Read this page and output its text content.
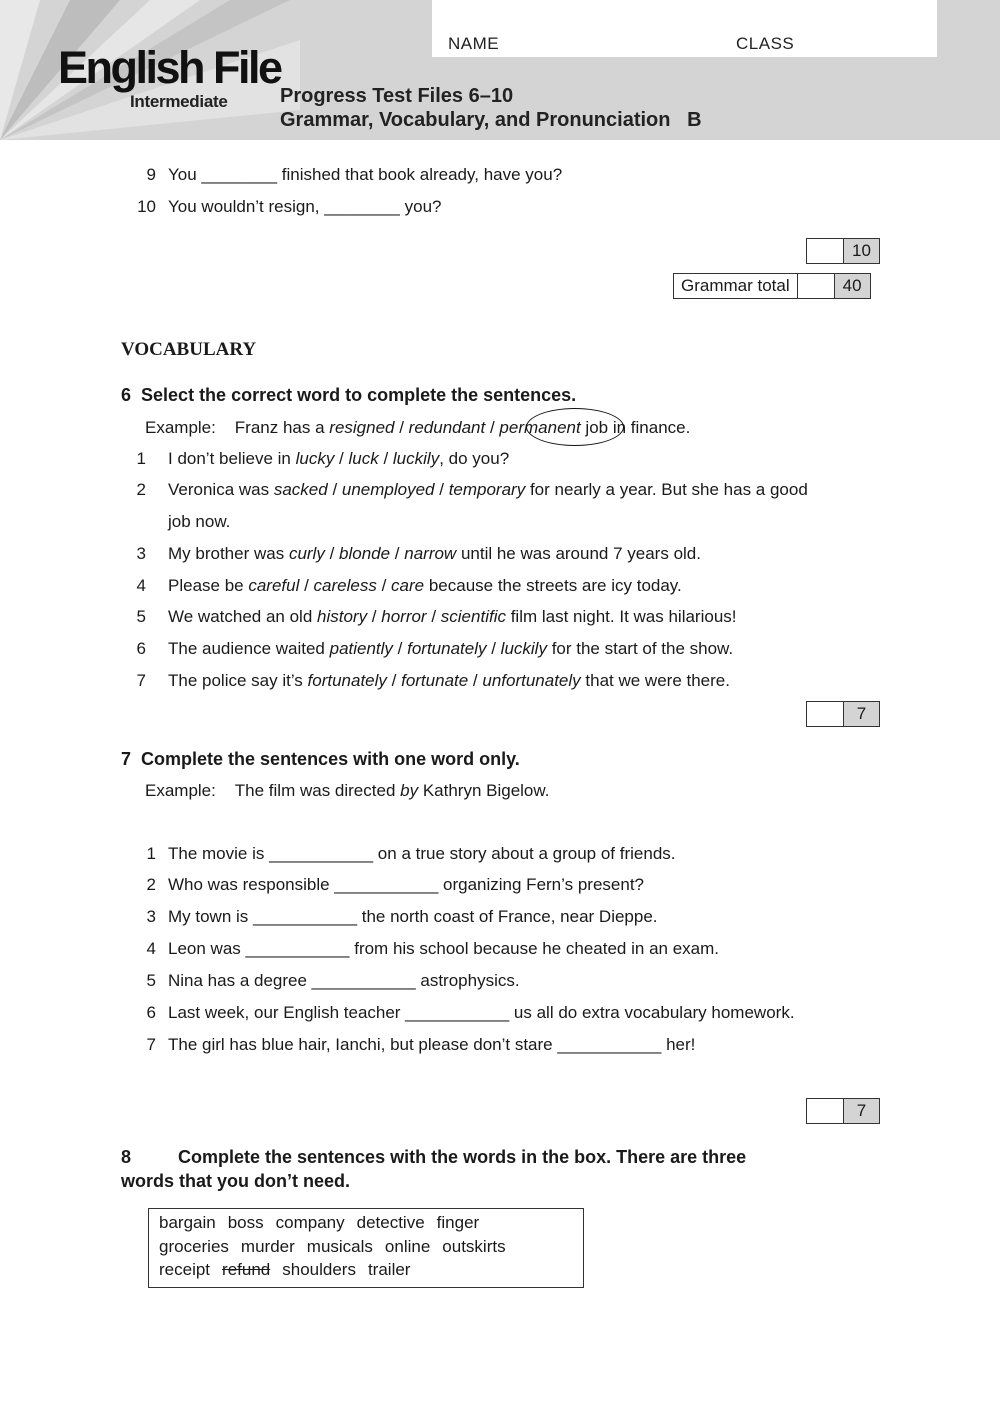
English File
Intermediate
NAME	CLASS
Progress Test Files 6–10
Grammar, Vocabulary, and Pronunciation   B
9 You ________ finished that book already, have you?
10 You wouldn’t resign, ________ you?
10
Grammar total	40
VOCABULARY
6 Select the correct word to complete the sentences.
Example: Franz has a resigned / redundant / permanent job in finance.
1 I don’t believe in lucky / luck / luckily, do you?
2 Veronica was sacked / unemployed / temporary for nearly a year. But she has a good
3 My brother was curly / blonde / narrow until he was around 7 years old.
4 Please be careful / careless / care because the streets are icy today.
5 We watched an old history / horror / scientific film last night. It was hilarious!
6 The audience waited patiently / fortunately / luckily for the start of the show.
7 The police say it’s fortunately / fortunate / unfortunately that we were there.
job now.
7
7 Complete the sentences with one word only.
Example: The film was directed by Kathryn Bigelow.
1 The movie is ___________ on a true story about a group of friends.
2 Who was responsible ___________ organizing Fern’s present?
3 My town is ___________ the north coast of France, near Dieppe.
4 Leon was ___________ from his school because he cheated in an exam.
5 Nina has a degree ___________ astrophysics.
6 Last week, our English teacher ___________ us all do extra vocabulary homework.
7 The girl has blue hair, Ianchi, but please don’t stare ___________ her!
7
8	Complete the sentences with the words in the box. There are three
words that you don’t need.
bargain boss company detective finger
groceries murder musicals online outskirts
receipt refund shoulders trailer
